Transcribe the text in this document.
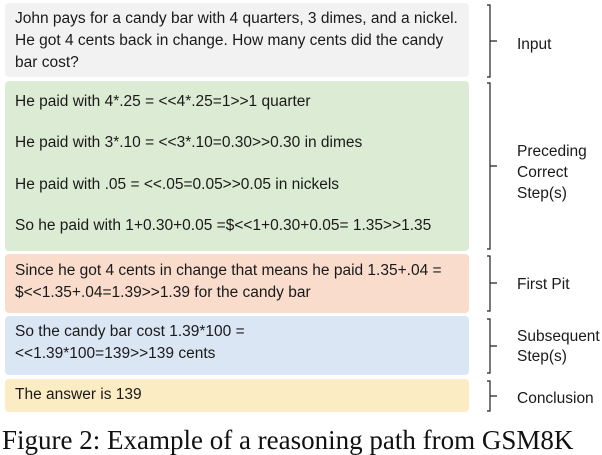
John pays for a candy bar with 4 quarters, 3 dimes, and a nickel. He got 4 cents back in change. How many cents did the candy bar cost?

He paid with 4*.25 = <<4*.25=1>>1 quarter

He paid with 3*.10 = <<3*.10=0.30>>0.30 in dimes

He paid with .05 = <<.05=0.05>>0.05 in nickels

So he paid with 1+0.30+0.05 =$<<1+0.30+0.05= 1.35>>1.35

Since he got 4 cents in change that means he paid 1.35+.04 = $<<1.35+.04=1.39>>1.39 for the candy bar

So the candy bar cost 1.39*100 =

<<1.39*100=139>>139 cents

The answer is 139

Input
Preceding
Correct
Step(s)
First Pit
Subsequent
Step(s)
Conclusion
Figure 2: Example of a reasoning path from GSM8K
